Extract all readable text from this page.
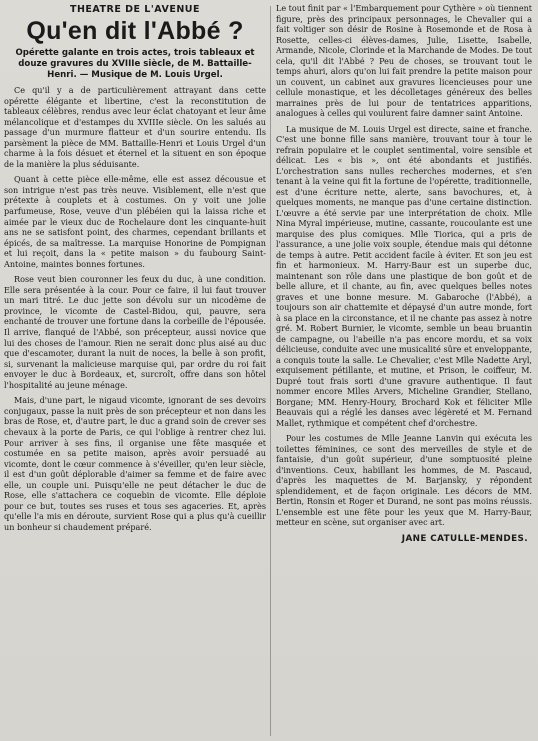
THEATRE DE L'AVENUE
Qu'en dit l'Abbé ?
Opérette galante en trois actes, trois tableaux et douze gravures du XVIIIe siècle, de M. Battaille-Henri. — Musique de M. Louis Urgel.

Ce qu'il y a de particulièrement attrayant dans cette opérette élégante et libertine, c'est la reconstitution de tableaux célèbres, rendus avec leur éclat chatoyant et leur âme mélancolique et d'estampes du XVIIIe siècle. On les salués au passage d'un murmure flatteur et d'un sourire entendu. Ils parsèment la pièce de MM. Battaille-Henri et Louis Urgel d'un charme à la fois désuet et éternel et la situent en son époque de la manière la plus séduisante.

Quant à cette pièce elle-même, elle est assez décousue et son intrigue n'est pas très neuve. Visiblement, elle n'est que prétexte à couplets et à costumes. On y voit une jolie parfumeuse, Rose, veuve d'un plébéien qui la laissa riche et aimée par le vieux duc de Rochelaure dont les cinquante-huit ans ne se satisfont point, des charmes, cependant brillants et épicés, de sa maîtresse. La marquise Honorine de Pompignan et lui reçoit, dans la « petite maison » du faubourg Saint-Antoine, maintes bonnes fortunes.

Rose veut bien couronner les feux du duc, à une condition. Elle sera présentée à la cour. Pour ce faire, il lui faut trouver un mari titré. Le duc jette son dévolu sur un nicodème de province, le vicomte de Castel-Bidou, qui, pauvre, sera enchanté de trouver une fortune dans la corbeille de l'épousée. Il arrive, flanqué de l'Abbé, son précepteur, aussi novice que lui des choses de l'amour. Rien ne serait donc plus aisé au duc que d'escamoter, durant la nuit de noces, la belle à son profit, si, survenant la malicieuse marquise qui, par ordre du roi fait envoyer le duc à Bordeaux, et, surcroît, offre dans son hôtel l'hospitalité au jeune ménage.

Mais, d'une part, le nigaud vicomte, ignorant de ses devoirs conjugaux, passe la nuit près de son précepteur et non dans les bras de Rose, et, d'autre part, le duc a grand soin de crever ses chevaux à la porte de Paris, ce qui l'oblige à rentrer chez lui. Pour arriver à ses fins, il organise une fête masquée et costumée en sa petite maison, après avoir persuadé au vicomte, dont le cœur commence à s'éveiller, qu'en leur siècle, il est d'un goût déplorable d'aimer sa femme et de faire avec elle, un couple uni. Puisqu'elle ne peut détacher le duc de Rose, elle s'attachera ce coquebin de vicomte. Elle déploie pour ce but, toutes ses ruses et tous ses agaceries. Et, après qu'elle l'a mis en déroute, survient Rose qui a plus qu'à cueillir un bonheur si chaudement préparé.

Le tout finit par « l'Embarquement pour Cythère » où tiennent figure, près des principaux personnages, le Chevalier qui a fait voltiger son désir de Rosine à Rosemonde et de Rosa à Rosette, celles-ci élèves-dames, Julie, Lisette, Isabelle, Armande, Nicole, Clorinde et la Marchande de Modes. De tout cela, qu'il dit l'Abbé ? Peu de choses, se trouvant tout le temps ahuri, alors qu'on lui fait prendre la petite maison pour un couvent, un cabinet aux gravures licencieuses pour une cellule monastique, et les décolletages généreux des belles marraines près de lui pour de tentatrices apparitions, analogues à celles qui voulurent faire damner saint Antoine.

La musique de M. Louis Urgel est directe, saine et franche. C'est une bonne fille sans manière, trouvant tour à tour le refrain populaire et le couplet sentimental, voire sensible et délicat. Les « bis », ont été abondants et justifiés. L'orchestration sans nulles recherches modernes, et s'en tenant à la veine qui fit la fortune de l'opérette, traditionnelle, est d'une écriture nette, alerte, sans bavochures, et, à quelques moments, ne manque pas d'une certaine distinction. L'œuvre a été servie par une interprétation de choix. Mlle Nina Myral impérieuse, mutine, cassante, roucoulante est une marquise des plus comiques. Mlle Tiorica, qui a pris de l'assurance, a une jolie voix souple, étendue mais qui détonne de temps à autre. Petit accident facile à éviter. Et son jeu est fin et harmonieux. M. Harry-Baur est un superbe duc, maintenant son rôle dans une plastique de bon goût et de belle allure, et il chante, au fin, avec quelques belles notes graves et une bonne mesure. M. Gabaroche (l'Abbé), a toujours son air chattemite et dépaysé d'un autre monde, fort à sa place en la circonstance, et il ne chante pas assez à notre gré. M. Robert Burnier, le vicomte, semble un beau bruantin de campagne, ou l'abeille n'a pas encore mordu, et sa voix délicieuse, conduite avec une musicalité sûre et enveloppante, a conquis toute la salle. Le Chevalier, c'est Mlle Nadette Aryl, exquisement pétillante, et mutine, et Prison, le coiffeur, M. Dupré tout frais sorti d'une gravure authentique. Il faut nommer encore Mlles Arvers, Micheline Grandier, Stellano, Borgane; MM. Henry-Houry, Brochard Kok et féliciter Mlle Beauvais qui a réglé les danses avec légèreté et M. Fernand Mallet, rythmique et compétent chef d'orchestre.

Pour les costumes de Mlle Jeanne Lanvin qui exécuta les toilettes féminines, ce sont des merveilles de style et de fantaisie, d'un goût supérieur, d'une somptuosité pleine d'inventions. Ceux, habillant les hommes, de M. Pascaud, d'après les maquettes de M. Barjansky, y répondent splendidement, et de façon originale. Les décors de MM. Bertin, Ronsin et Roger et Durand, ne sont pas moins réussis. L'ensemble est une fête pour les yeux que M. Harry-Baur, metteur en scène, sut organiser avec art.

JANE CATULLE-MENDES.
